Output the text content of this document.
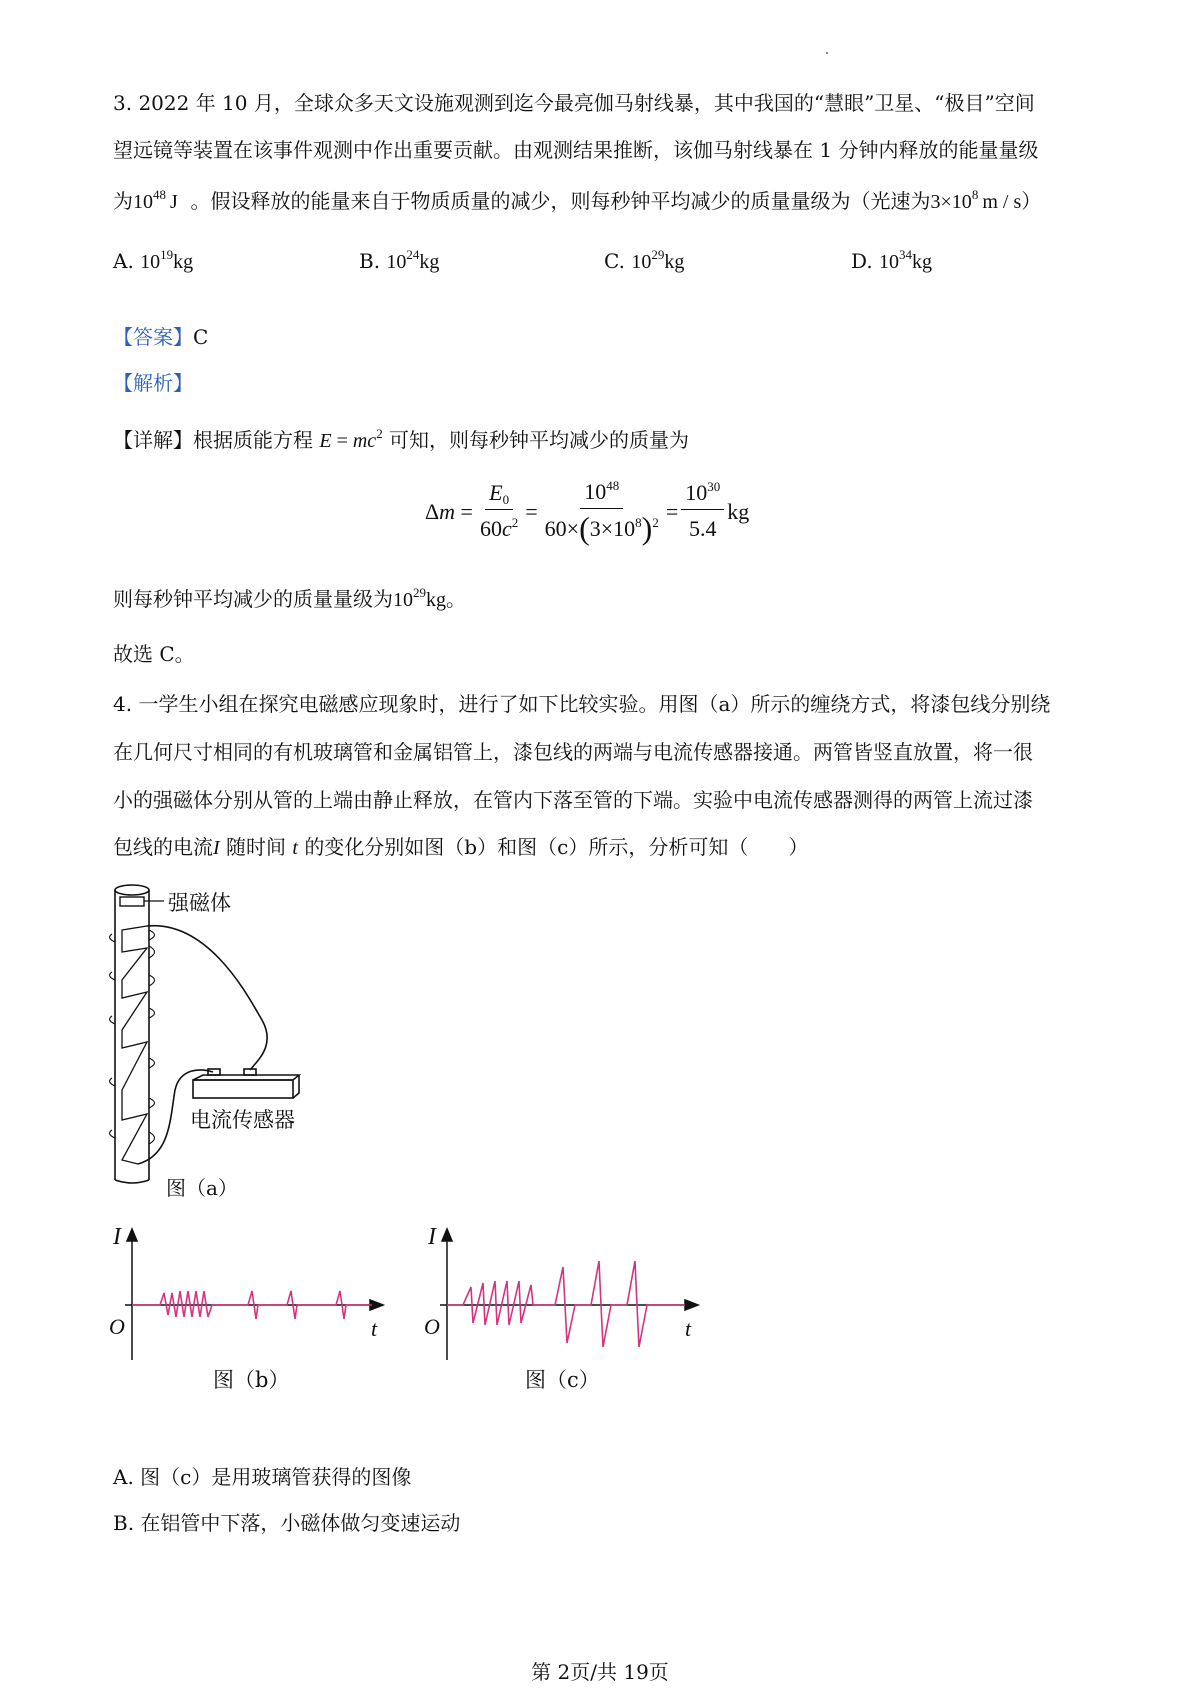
3. 2022 年 10 月，全球众多天文设施观测到迄今最亮伽马射线暴，其中我国的“慧眼”卫星、“极目”空间
望远镜等装置在该事件观测中作出重要贡献。由观测结果推断，该伽马射线暴在 1 分钟内释放的能量量级
为$10^{48}$  J 。假设释放的能量来自于物质质量的减少，则每秒钟平均减少的质量量级为（光速为$3\times 10^8$  m / s）
A. $10^{19}kg$	B. $10^{24}kg$	C. $10^{29}kg$	D. $10^{34}kg$
【答案】C
【解析】
【详解】根据质能方程 $E = mc^2$ 可知，则每秒钟平均减少的质量为
$\Delta m = \frac{E_0}{60c^2} = \frac{10^{48}}{60\times(3\times 10^8)^2} = \frac{10^{30}}{5.4}$ kg
则每秒钟平均减少的质量量级为$10^{29}kg$。
故选 C。
4. 一学生小组在探究电磁感应现象时，进行了如下比较实验。用图（a）所示的缠绕方式，将漆包线分别绕
在几何尺寸相同的有机玻璃管和金属铝管上，漆包线的两端与电流传感器接通。两管皆竖直放置，将一很
小的强磁体分别从管的上端由静止释放，在管内下落至管的下端。实验中电流传感器测得的两管上流过漆
包线的电流I 随时间 t 的变化分别如图（b）和图（c）所示，分析可知（　　）
强磁体
电流传感器
图（a）
I
O	t
图（b）
I
O	t
图（c）
A. 图（c）是用玻璃管获得的图像
B. 在铝管中下落，小磁体做匀变速运动
第 2页/共 19页
